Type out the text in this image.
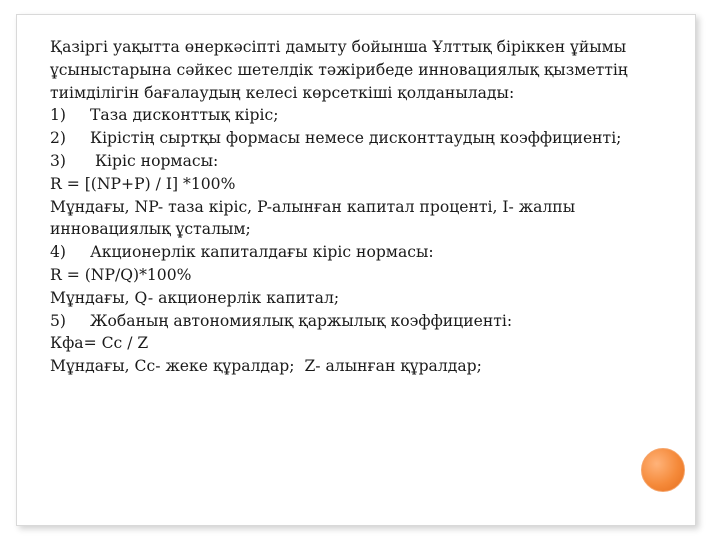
Қазіргі уақытта өнеркәсіпті дамыту бойынша Ұлттық біріккен ұйымы
ұсыныстарына сәйкес шетелдік тәжірибеде инновациялық қызметтің
тиімділігін бағалаудың келесі көрсеткіші қолданылады:
1) Таза дисконттық кіріс;
2) Кірістің сыртқы формасы немесе дисконттаудың коэффициенті;
3) Кіріс нормасы:
R = [(NP+P) / I] *100%
Мұндағы, NP- таза кіріс, P-алынған капитал проценті, I- жалпы
инновациялық ұсталым;
4) Акционерлік капиталдағы кіріс нормасы:
R = (NP/Q)*100%
Мұндағы, Q- акционерлік капитал;
5) Жобаның автономиялық қаржылық коэффициенті:
Кфа= Сс / Z
Мұндағы, Сс- жеке құралдар;  Z- алынған құралдар;
